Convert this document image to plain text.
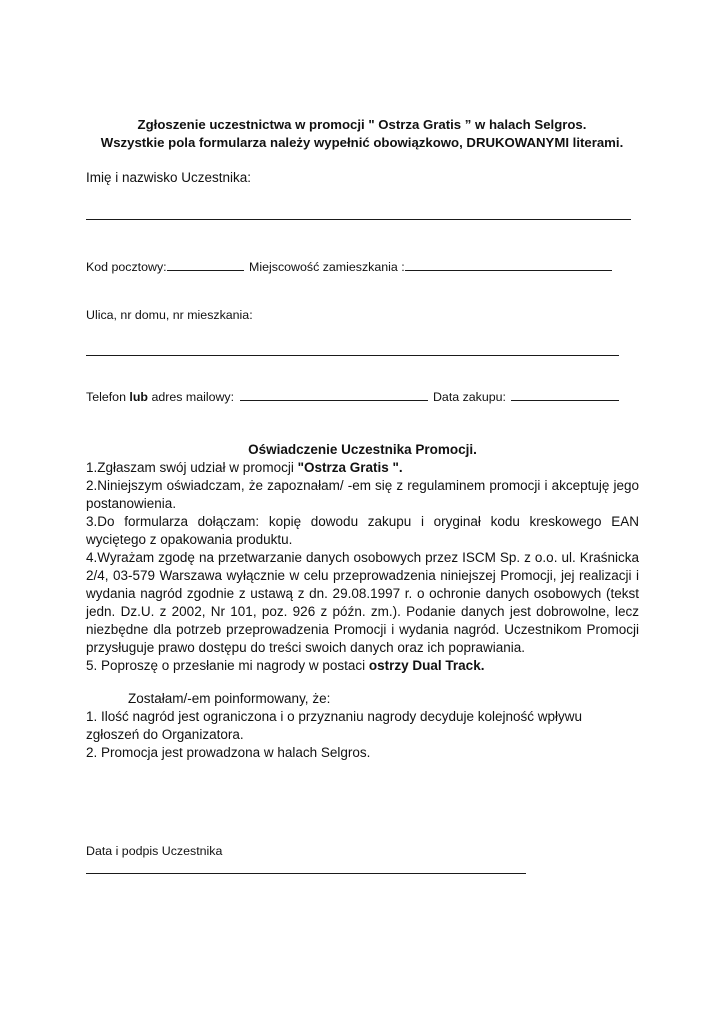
Zgłoszenie uczestnictwa w promocji " Ostrza Gratis ” w halach Selgros.
Wszystkie pola formularza należy wypełnić obowiązkowo, DRUKOWANYMI literami.
Imię i nazwisko Uczestnika:
Kod pocztowy:	Miejscowość zamieszkania :
Ulica, nr domu, nr mieszkania:
Telefon lub adres mailowy:	Data zakupu:

Oświadczenie Uczestnika Promocji.

1.Zgłaszam swój udział w promocji "Ostrza Gratis ".

2.Niniejszym oświadczam, że zapoznałam/ -em się z regulaminem promocji i akceptuję jego postanowienia.

3.Do formularza dołączam: kopię dowodu zakupu i oryginał kodu kreskowego EAN wyciętego z opakowania produktu.

4.Wyrażam zgodę na przetwarzanie danych osobowych przez ISCM Sp. z o.o. ul. Kraśnicka 2/4, 03-579 Warszawa wyłącznie w celu przeprowadzenia niniejszej Promocji, jej realizacji i wydania nagród zgodnie z ustawą z dn. 29.08.1997 r. o ochronie danych osobowych (tekst jedn. Dz.U. z 2002, Nr 101, poz. 926 z późn. zm.). Podanie danych jest dobrowolne, lecz niezbędne dla potrzeb przeprowadzenia Promocji i wydania nagród. Uczestnikom Promocji przysługuje prawo dostępu do treści swoich danych oraz ich poprawiania.

5. Poproszę o przesłanie mi nagrody w postaci ostrzy Dual Track.

Zostałam/-em poinformowany, że:

1. Ilość nagród jest ograniczona i o przyznaniu nagrody decyduje kolejność wpływu zgłoszeń do Organizatora.

2. Promocja jest prowadzona w halach Selgros.

Data i podpis Uczestnika
